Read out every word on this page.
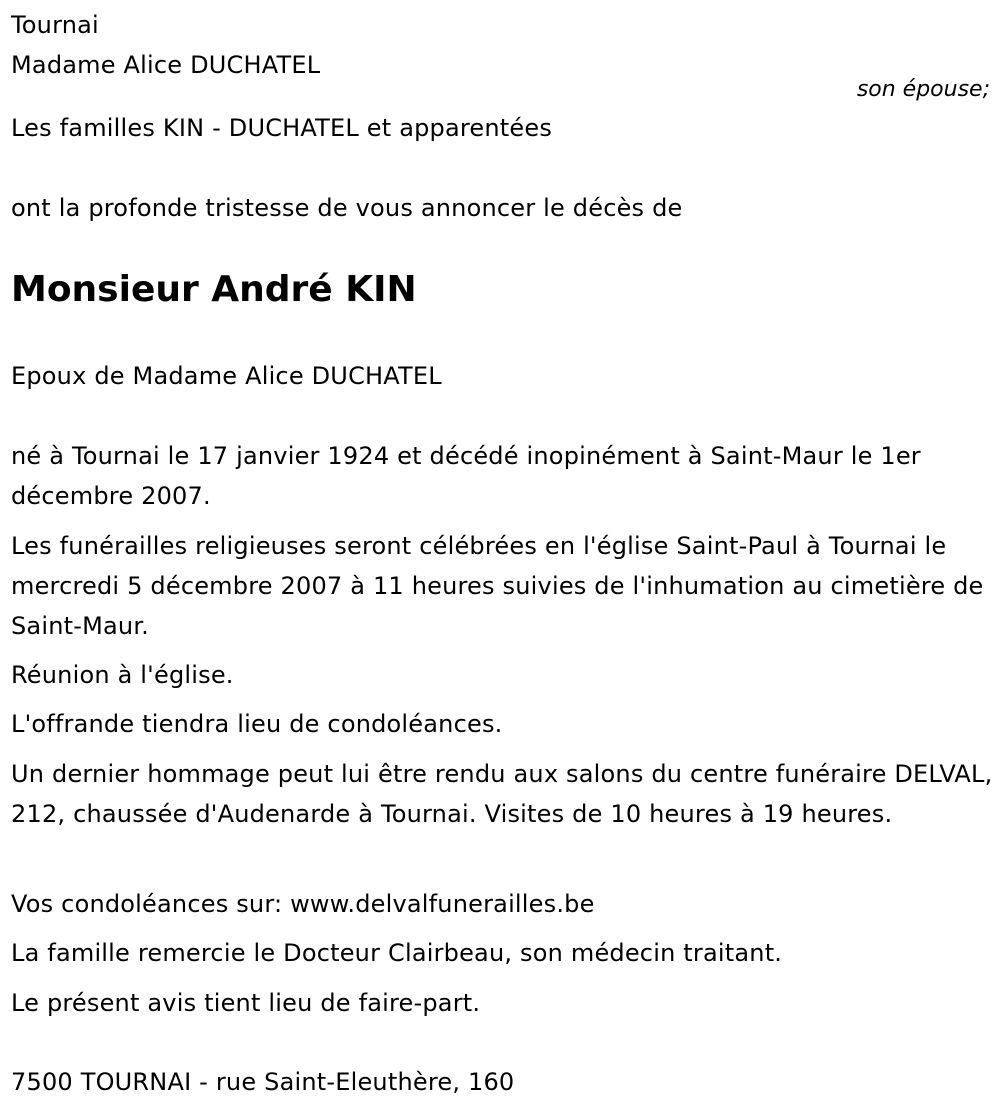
Tournai

Madame Alice DUCHATEL

son épouse;

Les familles KIN - DUCHATEL et apparentées

ont la profonde tristesse de vous annoncer le décès de

Monsieur André KIN

Epoux de Madame Alice DUCHATEL

né à Tournai le 17 janvier 1924 et décédé inopinément à Saint-Maur le 1er décembre 2007.

Les funérailles religieuses seront célébrées en l'église Saint-Paul à Tournai le mercredi 5 décembre 2007 à 11 heures suivies de l'inhumation au cimetière de Saint-Maur.

Réunion à l'église.

L'offrande tiendra lieu de condoléances.

Un dernier hommage peut lui être rendu aux salons du centre funéraire DELVAL, 212, chaussée d'Audenarde à Tournai. Visites de 10 heures à 19 heures.

Vos condoléances sur: www.delvalfunerailles.be

La famille remercie le Docteur Clairbeau, son médecin traitant.

Le présent avis tient lieu de faire-part.

7500 TOURNAI - rue Saint-Eleuthère, 160
